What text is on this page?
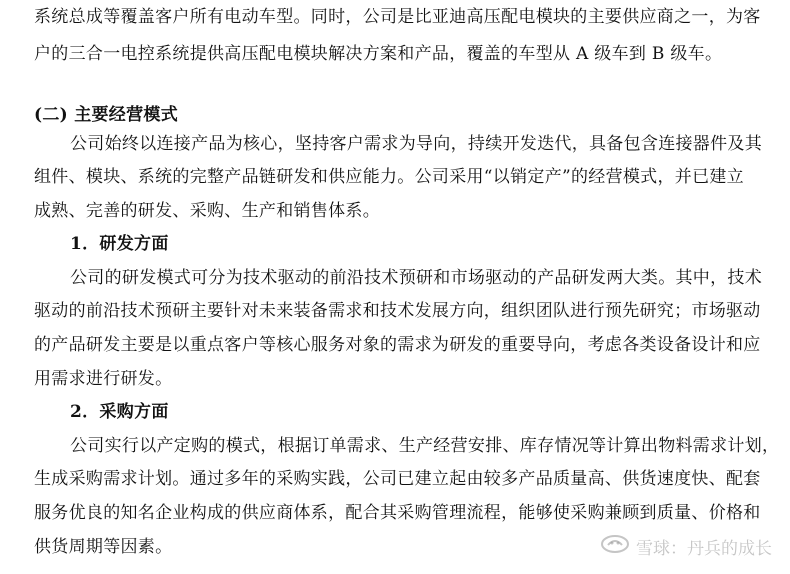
系统总成等覆盖客户所有电动车型。同时，公司是比亚迪高压配电模块的主要供应商之一，为客
户的三合一电控系统提供高压配电模块解决方案和产品，覆盖的车型从 A 级车到 B 级车。
(二) 主要经营模式
公司始终以连接产品为核心，坚持客户需求为导向，持续开发迭代，具备包含连接器件及其
组件、模块、系统的完整产品链研发和供应能力。公司采用“以销定产”的经营模式，并已建立
成熟、完善的研发、采购、生产和销售体系。
1．研发方面
公司的研发模式可分为技术驱动的前沿技术预研和市场驱动的产品研发两大类。其中，技术
驱动的前沿技术预研主要针对未来装备需求和技术发展方向，组织团队进行预先研究；市场驱动
的产品研发主要是以重点客户等核心服务对象的需求为研发的重要导向，考虑各类设备设计和应
用需求进行研发。
2．采购方面
公司实行以产定购的模式，根据订单需求、生产经营安排、库存情况等计算出物料需求计划，
生成采购需求计划。通过多年的采购实践，公司已建立起由较多产品质量高、供货速度快、配套
服务优良的知名企业构成的供应商体系，配合其采购管理流程，能够使采购兼顾到质量、价格和
供货周期等因素。	雪球：丹兵的成长
